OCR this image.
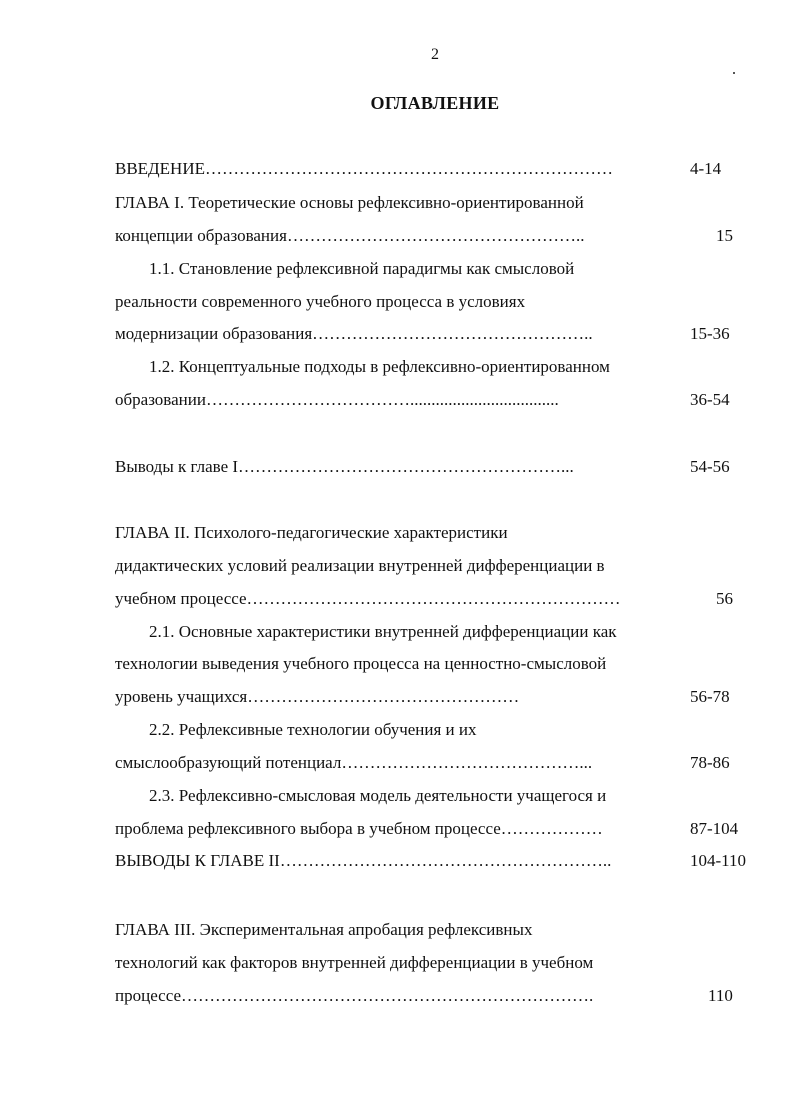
2
ОГЛАВЛЕНИЕ
ВВЕДЕНИЕ………………………………………………………………	4-14
ГЛАВА I. Теоретические основы рефлексивно-ориентированной
концепции образования……………………………………………..	15
1.1. Становление рефлексивной парадигмы как смысловой
реальности современного учебного процесса в условиях
модернизации образования…………………………………………..	15-36
1.2. Концептуальные подходы в рефлексивно-ориентированном
образовании………………………………...................................	36-54
Выводы к главе I…………………………………………………...	54-56
ГЛАВА II. Психолого-педагогические характеристики
дидактических условий реализации внутренней дифференциации в
учебном процессе…………………………………………………………	56
2.1. Основные характеристики внутренней дифференциации как
технологии выведения учебного процесса на ценностно-смысловой
уровень учащихся…………………………………………	56-78
2.2. Рефлексивные технологии обучения и их
смыслообразующий потенциал……………………………………...	78-86
2.3. Рефлексивно-смысловая модель деятельности учащегося и
проблема рефлексивного выбора в учебном процессе………………	87-104
ВЫВОДЫ К ГЛАВЕ II…………………………………………………..	104-110
ГЛАВА III. Экспериментальная апробация рефлексивных
технологий как факторов внутренней дифференциации в учебном
процессе……………………………………………………………….	110
